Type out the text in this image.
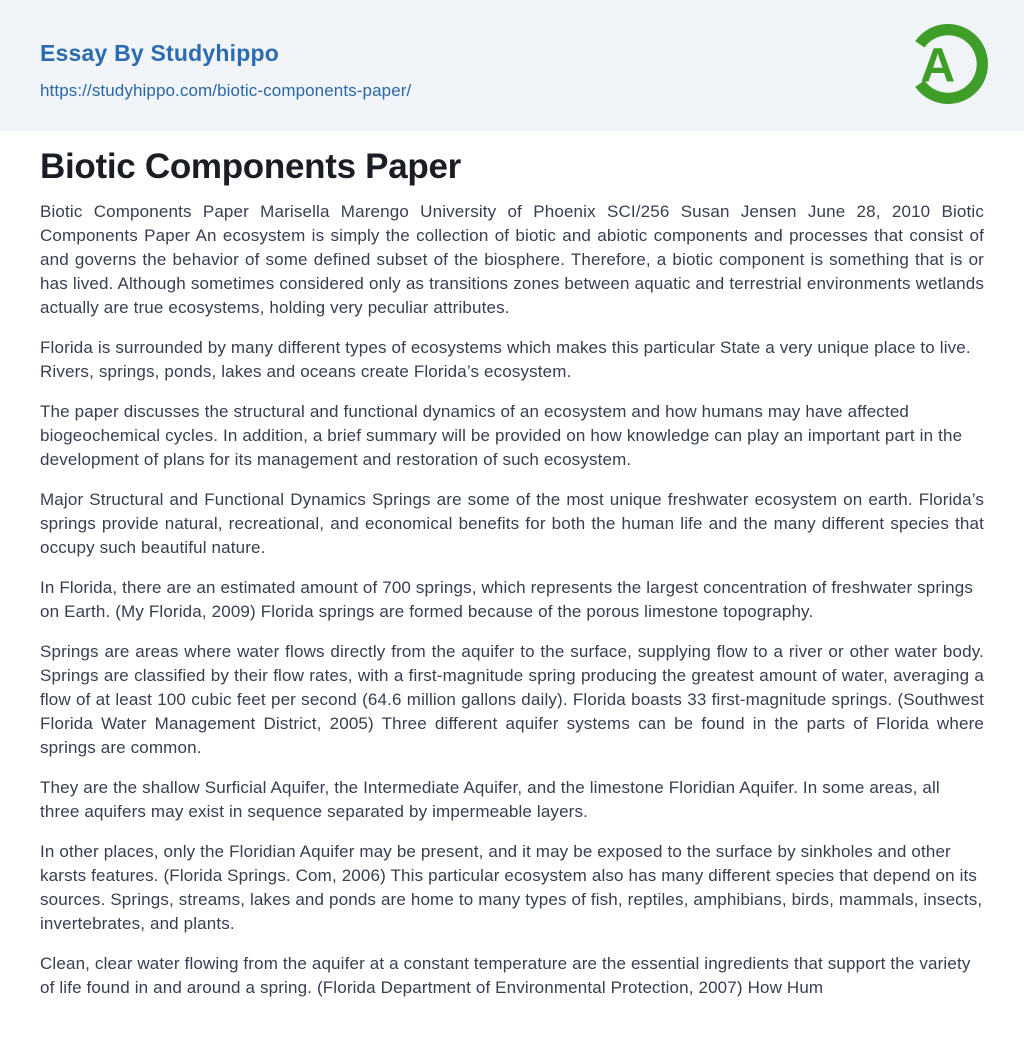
Essay By Studyhippo
https://studyhippo.com/biotic-components-paper/	A
Biotic Components Paper

Biotic Components Paper Marisella Marengo University of Phoenix SCI/256 Susan Jensen June 28, 2010 Biotic Components Paper An ecosystem is simply the collection of biotic and abiotic components and processes that consist of and governs the behavior of some defined subset of the biosphere. Therefore, a biotic component is something that is or has lived. Although sometimes considered only as transitions zones between aquatic and terrestrial environments wetlands actually are true ecosystems, holding very peculiar attributes.

Florida is surrounded by many different types of ecosystems which makes this particular State a very unique place to live. Rivers, springs, ponds, lakes and oceans create Florida’s ecosystem.

The paper discusses the structural and functional dynamics of an ecosystem and how humans may have affected biogeochemical cycles. In addition, a brief summary will be provided on how knowledge can play an important part in the development of plans for its management and restoration of such ecosystem.

Major Structural and Functional Dynamics Springs are some of the most unique freshwater ecosystem on earth. Florida’s springs provide natural, recreational, and economical benefits for both the human life and the many different species that occupy such beautiful nature.

In Florida, there are an estimated amount of 700 springs, which represents the largest concentration of freshwater springs on Earth. (My Florida, 2009) Florida springs are formed because of the porous limestone topography.

Springs are areas where water flows directly from the aquifer to the surface, supplying flow to a river or other water body. Springs are classified by their flow rates, with a first-magnitude spring producing the greatest amount of water, averaging a flow of at least 100 cubic feet per second (64.6 million gallons daily). Florida boasts 33 first-magnitude springs. (Southwest Florida Water Management District, 2005) Three different aquifer systems can be found in the parts of Florida where springs are common.

They are the shallow Surficial Aquifer, the Intermediate Aquifer, and the limestone Floridian Aquifer. In some areas, all three aquifers may exist in sequence separated by impermeable layers.

In other places, only the Floridian Aquifer may be present, and it may be exposed to the surface by sinkholes and other karsts features. (Florida Springs. Com, 2006) This particular ecosystem also has many different species that depend on its sources. Springs, streams, lakes and ponds are home to many types of fish, reptiles, amphibians, birds, mammals, insects, invertebrates, and plants.

Clean, clear water flowing from the aquifer at a constant temperature are the essential ingredients that support the variety of life found in and around a spring. (Florida Department of Environmental Protection, 2007) How Hum
